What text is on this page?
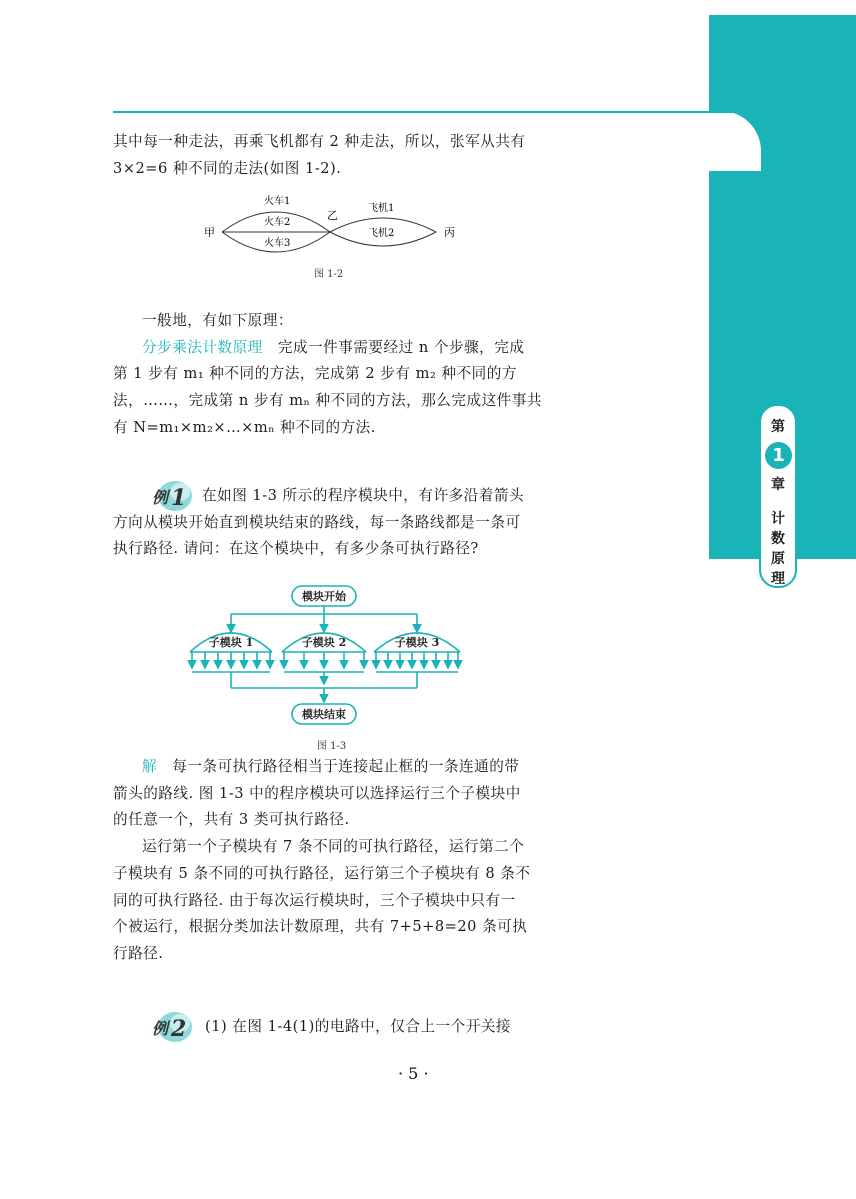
第
1
章
计
数
原
理

其中每一种走法，再乘飞机都有 2 种走法，所以，张军从共有

3×2=6 种不同的走法(如图 1-2).

甲
乙
丙
火车1
火车2
火车3
飞机1
飞机2
图 1-2

一般地，有如下原理：

分步乘法计数原理　完成一件事需要经过 n 个步骤，完成

第 1 步有 m₁ 种不同的方法，完成第 2 步有 m₂ 种不同的方

法，……，完成第 n 步有 mₙ 种不同的方法，那么完成这件事共

有 N=m₁×m₂×…×mₙ 种不同的方法.

例 1	在如图 1-3 所示的程序模块中，有许多沿着箭头

方向从模块开始直到模块结束的路线，每一条路线都是一条可

执行路径. 请问：在这个模块中，有多少条可执行路径?

模块开始
子模块 1	子模块 2	子模块 3
模块结束
图 1-3

解　 每一条可执行路径相当于连接起止框的一条连通的带

箭头的路线. 图 1-3 中的程序模块可以选择运行三个子模块中

的任意一个，共有 3 类可执行路径.

运行第一个子模块有 7 条不同的可执行路径，运行第二个

子模块有 5 条不同的可执行路径，运行第三个子模块有 8 条不

同的可执行路径. 由于每次运行模块时，三个子模块中只有一

个被运行，根据分类加法计数原理，共有 7+5+8=20 条可执

行路径.

例 2	(1) 在图 1-4(1)的电路中，仅合上一个开关接

· 5 ·
